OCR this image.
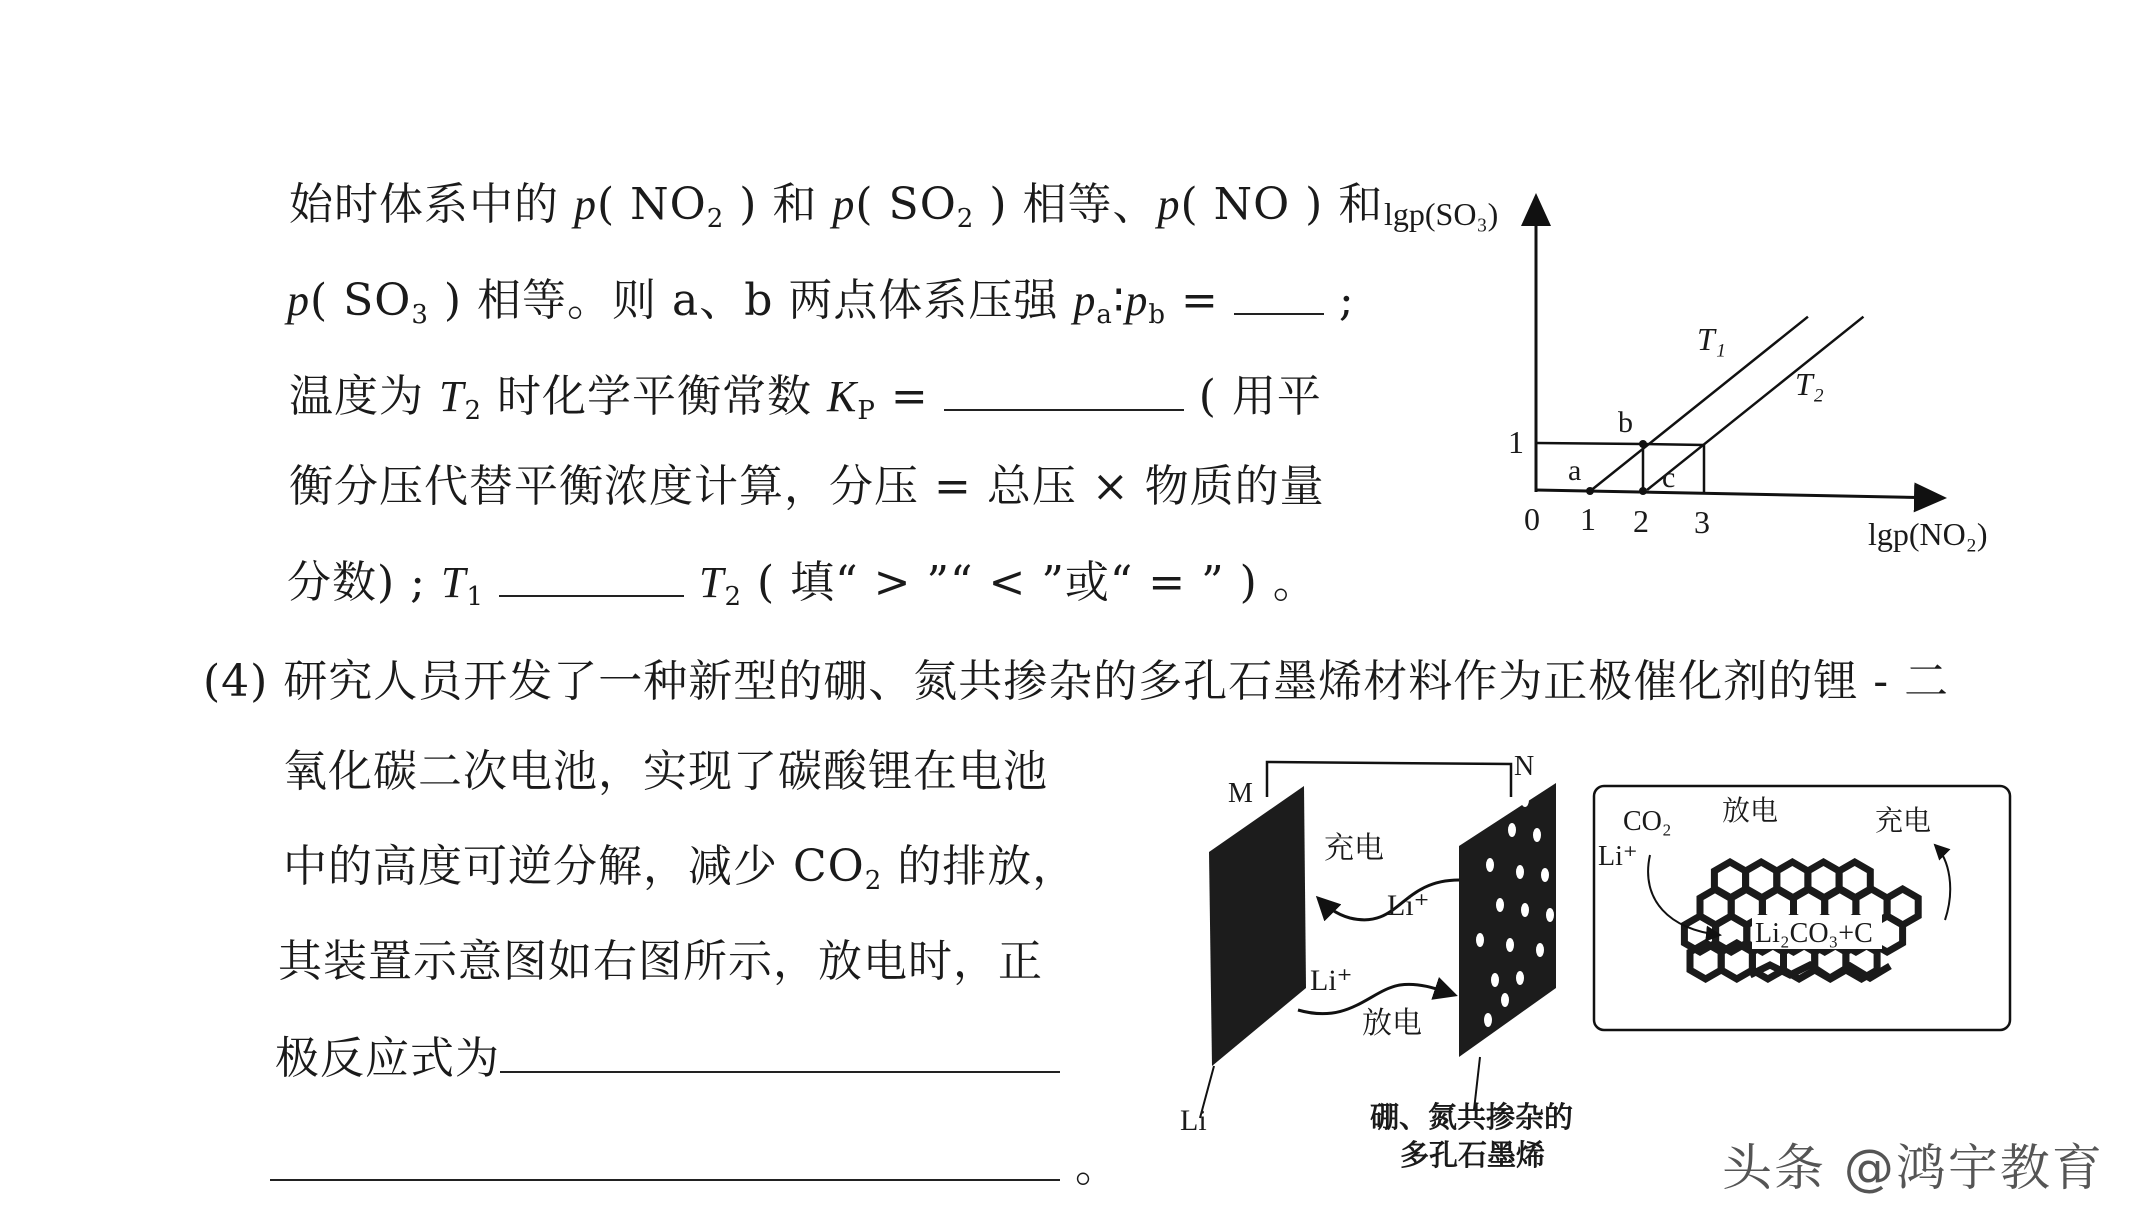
始时体系中的 p( $NO_2$ ) 和 p( $SO_2$ ) 相等、p( NO ) 和
p( $SO_3$ ) 相等。则 a、b 两点体系压强 $p_a∶p_b$ =  ;
温度为 $T_2$ 时化学平衡常数 $K_P$ =	( 用平
衡分压代替平衡浓度计算，分压 = 总压 × 物质的量
分数) ; $T_1$	$T_2$ ( 填“ > ”“ < ”或“ = ” ) 。
(4) 研究人员开发了一种新型的硼、氮共掺杂的多孔石墨烯材料作为正极催化剂的锂 - 二
氧化碳二次电池，实现了碳酸锂在电池
中的高度可逆分解，减少 $CO_2$ 的排放，
其装置示意图如右图所示，放电时，正
极反应式为
。
lgp(SO₃)
lgp(NO₂)
0 1 2 3
1
a
b
c
T₁
T₂
M
N
充电
Li⁺
Li⁺
放电
Li	硼、氮共掺杂的
多孔石墨烯
CO₂
Li⁺
放电	充电
Li₂CO₃+C
头条 @鸿宇教育
